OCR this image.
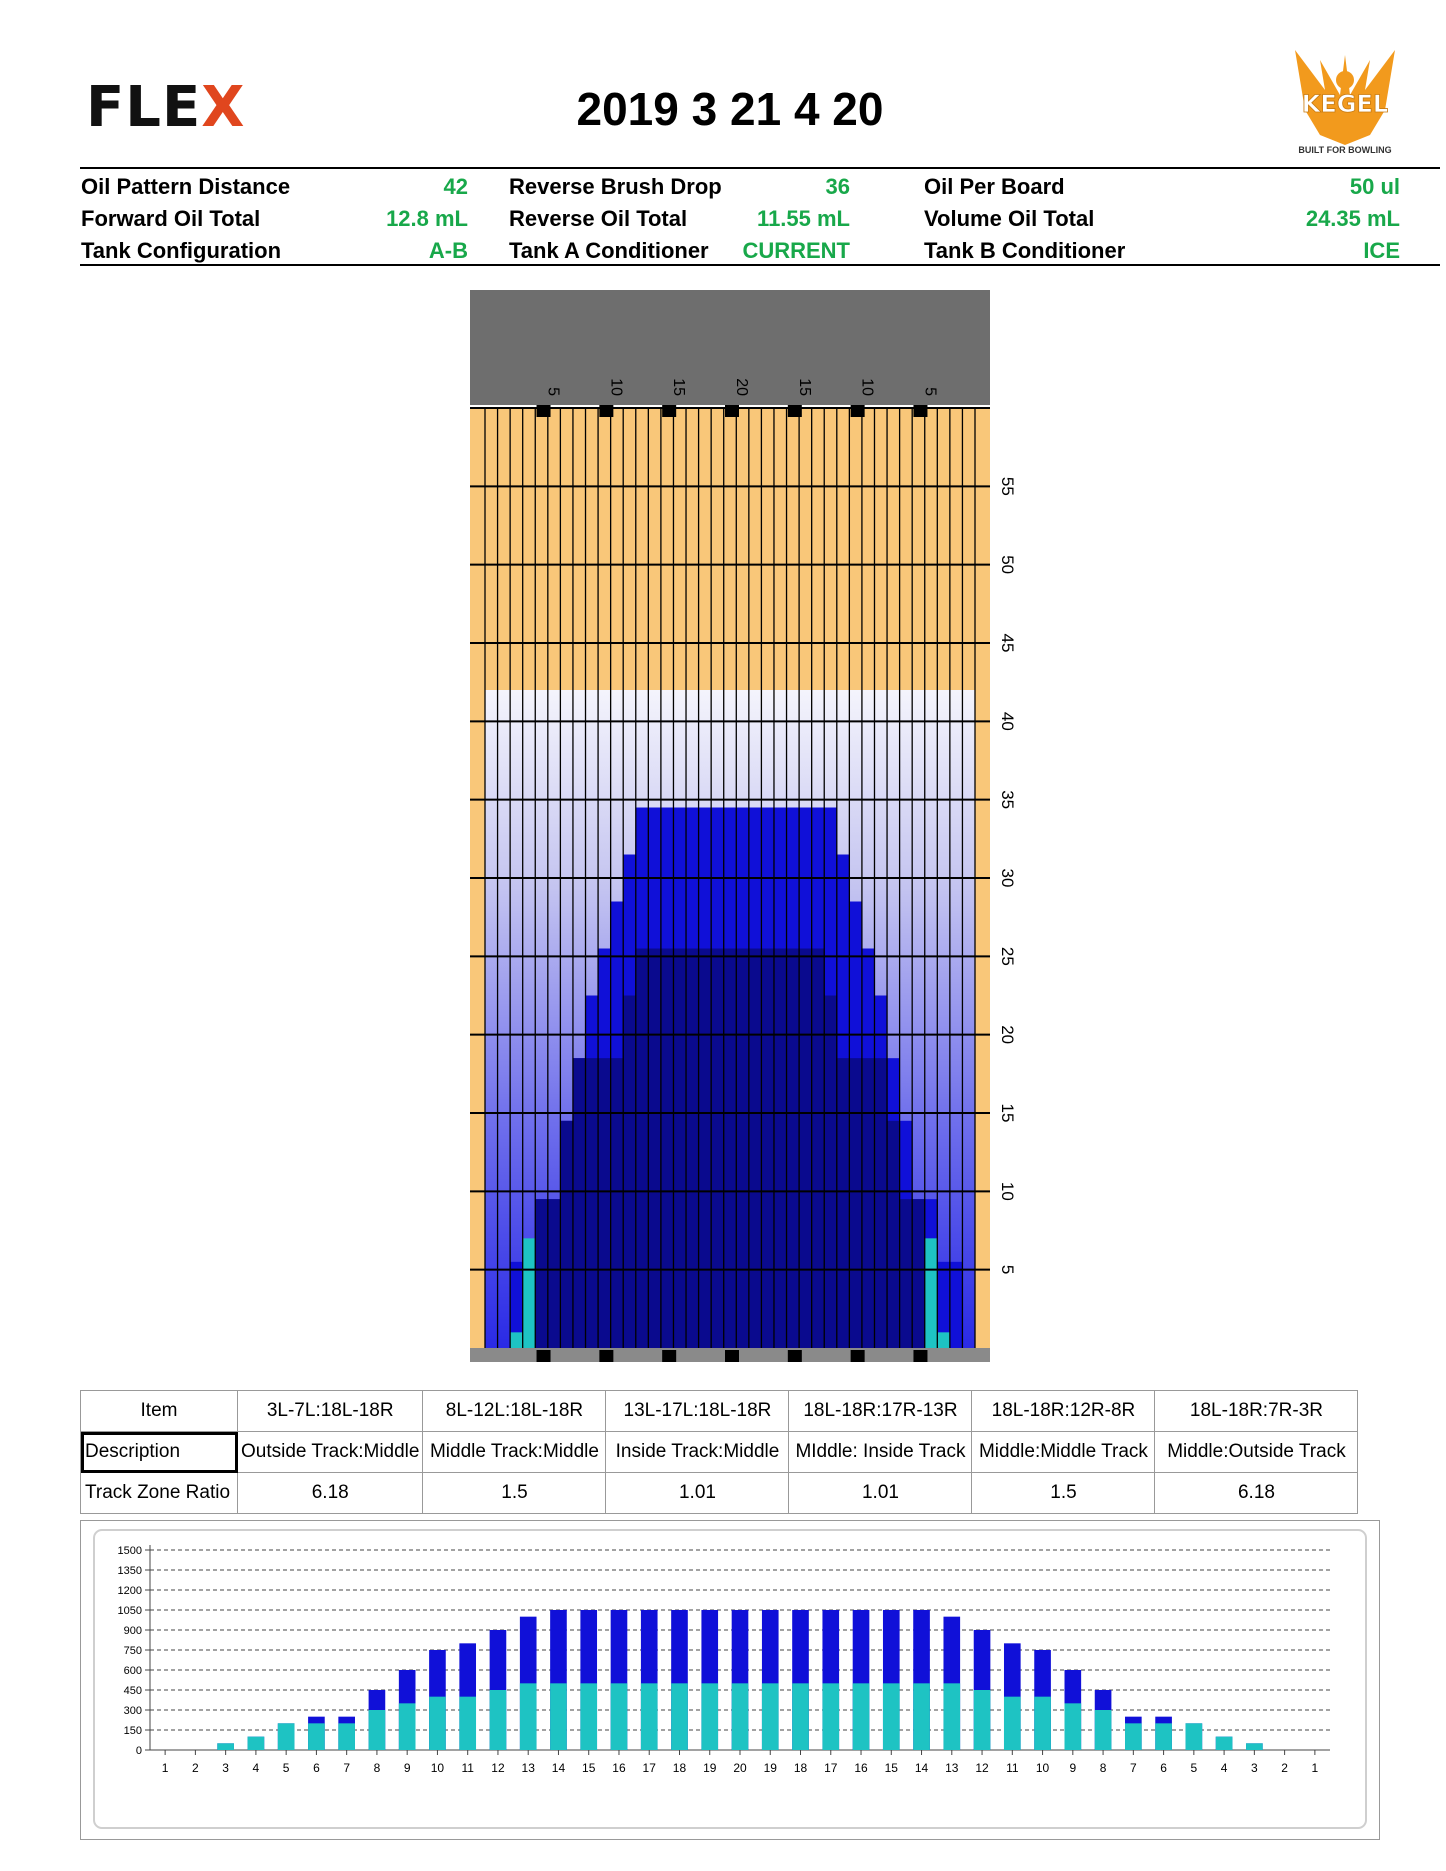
FLEX	2019 3 21 4 20	KEGEL
BUILT FOR BOWLING
Oil Pattern Distance	42
Forward Oil Total	12.8 mL
Tank Configuration	A-B
Reverse Brush Drop	36
Reverse Oil Total	11.55 mL
Tank A Conditioner	CURRENT
Oil Per Board	50 ul
Volume Oil Total	24.35 mL
Tank B Conditioner	ICE
5	10	15	20	15	10	5
55
50
45
40
35
30
25
20
15
10
5
Item	3L-7L:18L-18R	8L-12L:18L-18R	13L-17L:18L-18R	18L-18R:17R-13R	18L-18R:12R-8R	18L-18R:7R-3R
Description	Outside Track:Middle	Middle Track:Middle	Inside Track:Middle	MIddle: Inside Track	Middle:Middle Track	Middle:Outside Track
Track Zone Ratio	6.18	1.5	1.01	1.01	1.5	6.18
0
150
300
450
600
750
900
1050
1200
1350
1500
1 2 3 4 5 6 7 8 9 10 11 12 13 14 15 16 17 18 19 20 19 18 17 16 15 14 13 12 11 10 9 8 7 6 5 4 3 2 1
